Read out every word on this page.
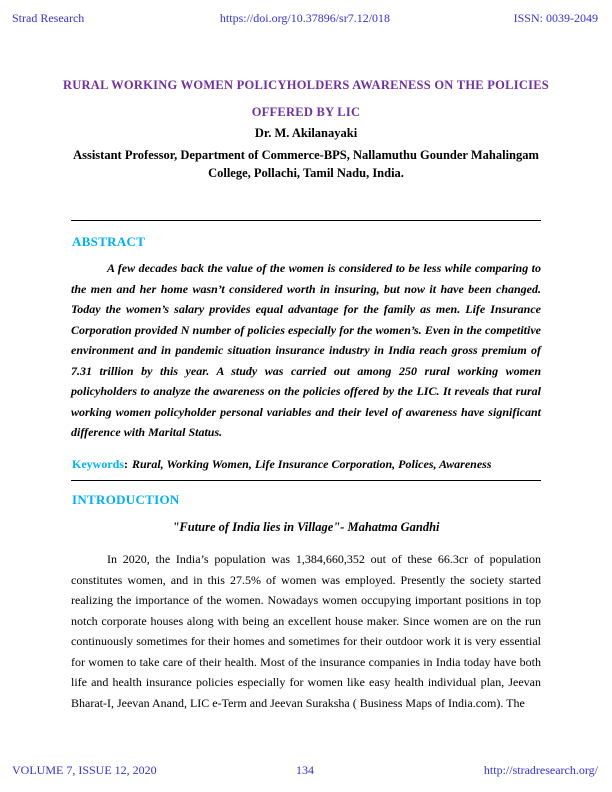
Strad Research	https://doi.org/10.37896/sr7.12/018	ISSN: 0039-2049
RURAL WORKING WOMEN POLICYHOLDERS AWARENESS ON THE POLICIES
OFFERED BY LIC
Dr. M. Akilanayaki
Assistant Professor, Department of Commerce-BPS, Nallamuthu Gounder Mahalingam College, Pollachi, Tamil Nadu, India.
ABSTRACT
A few decades back the value of the women is considered to be less while comparing to the men and her home wasn’t considered worth in insuring, but now it have been changed. Today the women’s salary provides equal advantage for the family as men. Life Insurance Corporation provided N number of policies especially for the women’s. Even in the competitive environment and in pandemic situation insurance industry in India reach gross premium of 7.31 trillion by this year. A study was carried out among 250 rural working women policyholders to analyze the awareness on the policies offered by the LIC. It reveals that rural working women policyholder personal variables and their level of awareness have significant difference with Marital Status.
Keywords: Rural, Working Women, Life Insurance Corporation, Polices, Awareness
INTRODUCTION
"Future of India lies in Village"- Mahatma Gandhi
In 2020, the India’s population was 1,384,660,352 out of these 66.3cr of population constitutes women, and in this 27.5% of women was employed. Presently the society started realizing the importance of the women. Nowadays women occupying important positions in top notch corporate houses along with being an excellent house maker. Since women are on the run continuously sometimes for their homes and sometimes for their outdoor work it is very essential for women to take care of their health. Most of the insurance companies in India today have both life and health insurance policies especially for women like easy health individual plan, Jeevan Bharat-I, Jeevan Anand, LIC e-Term and Jeevan Suraksha ( Business Maps of India.com). The
VOLUME 7, ISSUE 12, 2020	134	http://stradresearch.org/
